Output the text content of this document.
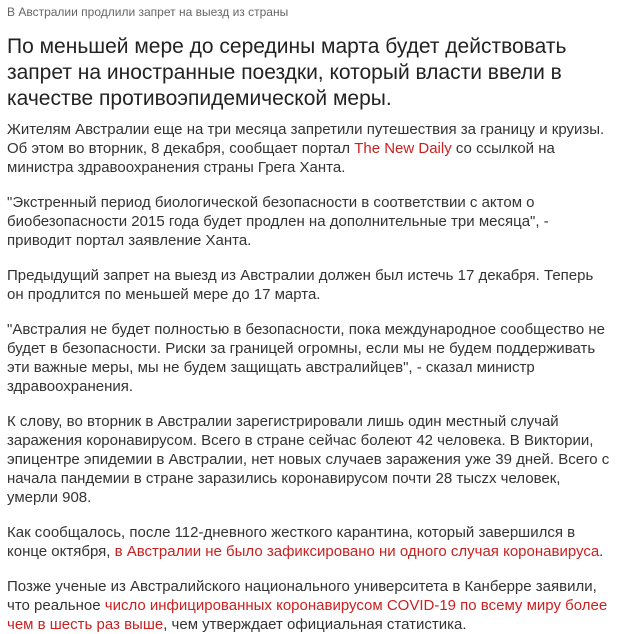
В Австралии продлили запрет на выезд из страны
По меньшей мере до середины марта будет действовать запрет на иностранные поездки, который власти ввели в качестве противоэпидемической меры.

Жителям Австралии еще на три месяца запретили путешествия за границу и круизы. Об этом во вторник, 8 декабря, сообщает портал The New Daily со ссылкой на министра здравоохранения страны Грега Ханта.

"Экстренный период биологической безопасности в соответствии с актом о биобезопасности 2015 года будет продлен на дополнительные три месяца", - приводит портал заявление Ханта.

Предыдущий запрет на выезд из Австралии должен был истечь 17 декабря. Теперь он продлится по меньшей мере до 17 марта.

"Австралия не будет полностью в безопасности, пока международное сообщество не будет в безопасности. Риски за границей огромны, если мы не будем поддерживать эти важные меры, мы не будем защищать австралийцев", - сказал министр здравоохранения.

К слову, во вторник в Австралии зарегистрировали лишь один местный случай заражения коронавирусом. Всего в стране сейчас болеют 42 человека. В Виктории, эпицентре эпидемии в Австралии, нет новых случаев заражения уже 39 дней. Всего с начала пандемии в стране заразились коронавирусом почти 28 тысzх человек, умерли 908.

Как сообщалось, после 112-дневного жесткого карантина, который завершился в конце октября, в Австралии не было зафиксировано ни одного случая коронавируса.

Позже ученые из Австралийского национального университета в Канберре заявили, что реальное число инфицированных коронавирусом COVID-19 по всему миру более чем в шесть раз выше, чем утверждает официальная статистика.
